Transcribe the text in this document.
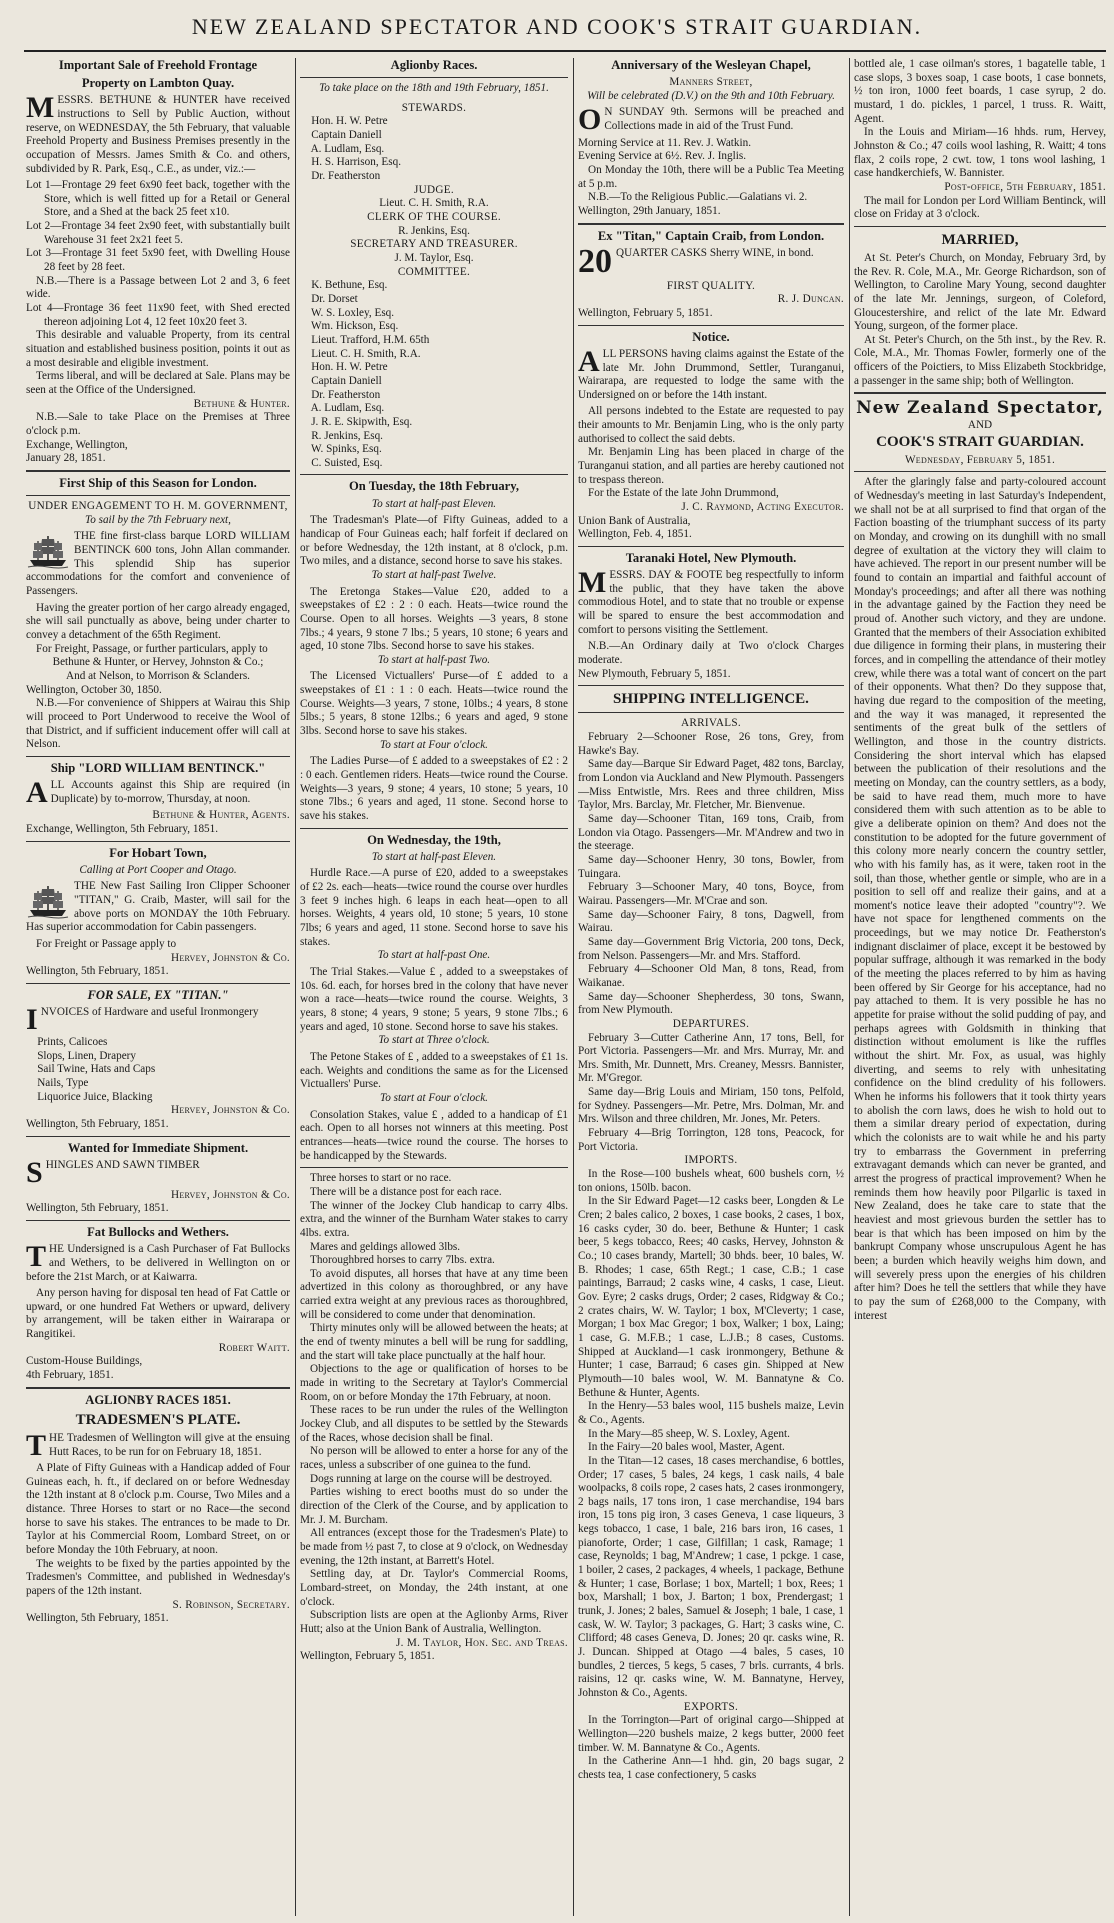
NEW ZEALAND SPECTATOR AND COOK'S STRAIT GUARDIAN.
Important Sale of Freehold Frontage
Property on Lambton Quay.
MESSRS. BETHUNE & HUNTER have received instructions to Sell by Public Auction, without reserve, on WEDNESDAY, the 5th February, that valuable Freehold Property and Business Premises presently in the occupation of Messrs. James Smith & Co. and others, subdivided by R. Park, Esq., C.E., as under, viz.:—
Lot 1—Frontage 29 feet 6x90 feet back, together with the Store, which is well fitted up for a Retail or General Store, and a Shed at the back 25 feet x10.
Lot 2—Frontage 34 feet 2x90 feet, with substantially built Warehouse 31 feet 2x21 feet 5.
Lot 3—Frontage 31 feet 5x90 feet, with Dwelling House 28 feet by 28 feet.
N.B.—There is a Passage between Lot 2 and 3, 6 feet wide.
Lot 4—Frontage 36 feet 11x90 feet, with Shed erected thereon adjoining Lot 4, 12 feet 10x20 feet 3.
This desirable and valuable Property, from its central situation and established business position, points it out as a most desirable and eligible investment.
Terms liberal, and will be declared at Sale. Plans may be seen at the Office of the Undersigned.
Bethune & Hunter.
N.B.—Sale to take Place on the Premises at Three o'clock p.m.
Exchange, Wellington,
January 28, 1851.
First Ship of this Season for London.
UNDER ENGAGEMENT TO H. M. GOVERNMENT,
To sail by the 7th February next,
THE fine first-class barque LORD WILLIAM BENTINCK 600 tons, John Allan commander. This splendid Ship has superior accommodations for the comfort and convenience of Passengers.
Having the greater portion of her cargo already engaged, she will sail punctually as above, being under charter to convey a detachment of the 65th Regiment.
For Freight, Passage, or further particulars, apply to
Bethune & Hunter, or Hervey, Johnston & Co.;
And at Nelson, to Morrison & Sclanders.
Wellington, October 30, 1850.
N.B.—For convenience of Shippers at Wairau this Ship will proceed to Port Underwood to receive the Wool of that District, and if sufficient inducement offer will call at Nelson.
Ship "LORD WILLIAM BENTINCK."
ALL Accounts against this Ship are required (in Duplicate) by to-morrow, Thursday, at noon.
Bethune & Hunter, Agents.
Exchange, Wellington, 5th February, 1851.
For Hobart Town,
Calling at Port Cooper and Otago.
THE New Fast Sailing Iron Clipper Schooner "TITAN," G. Craib, Master, will sail for the above ports on MONDAY the 10th February. Has superior accommodation for Cabin passengers.
For Freight or Passage apply to
Hervey, Johnston & Co.
Wellington, 5th February, 1851.
FOR SALE, EX "TITAN."
INVOICES of Hardware and useful Ironmongery
Prints, Calicoes
Slops, Linen, Drapery
Sail Twine, Hats and Caps
Nails, Type
Liquorice Juice, Blacking
Hervey, Johnston & Co.
Wellington, 5th February, 1851.
Wanted for Immediate Shipment.
SHINGLES AND SAWN TIMBER
Hervey, Johnston & Co.
Wellington, 5th February, 1851.
Fat Bullocks and Wethers.
THE Undersigned is a Cash Purchaser of Fat Bullocks and Wethers, to be delivered in Wellington on or before the 21st March, or at Kaiwarra.
Any person having for disposal ten head of Fat Cattle or upward, or one hundred Fat Wethers or upward, delivery by arrangement, will be taken either in Wairarapa or Rangitikei.
Robert Waitt.
Custom-House Buildings,
4th February, 1851.
AGLIONBY RACES 1851.
TRADESMEN'S PLATE.
THE Tradesmen of Wellington will give at the ensuing Hutt Races, to be run for on February 18, 1851.
A Plate of Fifty Guineas with a Handicap added of Four Guineas each, h. ft., if declared on or before Wednesday the 12th instant at 8 o'clock p.m. Course, Two Miles and a distance. Three Horses to start or no Race—the second horse to save his stakes. The entrances to be made to Dr. Taylor at his Commercial Room, Lombard Street, on or before Monday the 10th February, at noon.
The weights to be fixed by the parties appointed by the Tradesmen's Committee, and published in Wednesday's papers of the 12th instant.
S. Robinson, Secretary.
Wellington, 5th February, 1851.
Aglionby Races.
To take place on the 18th and 19th February, 1851.
STEWARDS.
Hon. H. W. Petre
Captain Daniell
A. Ludlam, Esq.
H. S. Harrison, Esq.
Dr. Featherston
JUDGE.
Lieut. C. H. Smith, R.A.
CLERK OF THE COURSE.
R. Jenkins, Esq.
SECRETARY AND TREASURER.
J. M. Taylor, Esq.
COMMITTEE.
K. Bethune, Esq.
Dr. Dorset
W. S. Loxley, Esq.
Wm. Hickson, Esq.
Lieut. Trafford, H.M. 65th
Lieut. C. H. Smith, R.A.
Hon. H. W. Petre
Captain Daniell
Dr. Featherston
A. Ludlam, Esq.
J. R. E. Skipwith, Esq.
R. Jenkins, Esq.
W. Spinks, Esq.
C. Suisted, Esq.
On Tuesday, the 18th February,
To start at half-past Eleven.
The Tradesman's Plate—of Fifty Guineas, added to a handicap of Four Guineas each; half forfeit if declared on or before Wednesday, the 12th instant, at 8 o'clock, p.m. Two miles, and a distance, second horse to save his stakes.
To start at half-past Twelve.
The Eretonga Stakes—Value £20, added to a sweepstakes of £2 : 2 : 0 each. Heats—twice round the Course. Open to all horses. Weights —3 years, 8 stone 7lbs.; 4 years, 9 stone 7 lbs.; 5 years, 10 stone; 6 years and aged, 10 stone 7lbs. Second horse to save his stakes.
To start at half-past Two.
The Licensed Victuallers' Purse—of £ added to a sweepstakes of £1 : 1 : 0 each. Heats—twice round the Course. Weights—3 years, 7 stone, 10lbs.; 4 years, 8 stone 5lbs.; 5 years, 8 stone 12lbs.; 6 years and aged, 9 stone 3lbs. Second horse to save his stakes.
To start at Four o'clock.
The Ladies Purse—of £ added to a sweepstakes of £2 : 2 : 0 each. Gentlemen riders. Heats—twice round the Course. Weights—3 years, 9 stone; 4 years, 10 stone; 5 years, 10 stone 7lbs.; 6 years and aged, 11 stone. Second horse to save his stakes.
On Wednesday, the 19th,
To start at half-past Eleven.
Hurdle Race.—A purse of £20, added to a sweepstakes of £2 2s. each—heats—twice round the course over hurdles 3 feet 9 inches high. 6 leaps in each heat—open to all horses. Weights, 4 years old, 10 stone; 5 years, 10 stone 7lbs; 6 years and aged, 11 stone. Second horse to save his stakes.
To start at half-past One.
The Trial Stakes.—Value £ , added to a sweepstakes of 10s. 6d. each, for horses bred in the colony that have never won a race—heats—twice round the course. Weights, 3 years, 8 stone; 4 years, 9 stone; 5 years, 9 stone 7lbs.; 6 years and aged, 10 stone. Second horse to save his stakes.
To start at Three o'clock.
The Petone Stakes of £ , added to a sweepstakes of £1 1s. each. Weights and conditions the same as for the Licensed Victuallers' Purse.
To start at Four o'clock.
Consolation Stakes, value £ , added to a handicap of £1 each. Open to all horses not winners at this meeting. Post entrances—heats—twice round the course. The horses to be handicapped by the Stewards.
Three horses to start or no race.
There will be a distance post for each race.
The winner of the Jockey Club handicap to carry 4lbs. extra, and the winner of the Burnham Water stakes to carry 4lbs. extra.
Mares and geldings allowed 3lbs.
Thoroughbred horses to carry 7lbs. extra.
To avoid disputes, all horses that have at any time been advertized in this colony as thoroughbred, or any have carried extra weight at any previous races as thoroughbred, will be considered to come under that denomination.
Thirty minutes only will be allowed between the heats; at the end of twenty minutes a bell will be rung for saddling, and the start will take place punctually at the half hour.
Objections to the age or qualification of horses to be made in writing to the Secretary at Taylor's Commercial Room, on or before Monday the 17th February, at noon.
These races to be run under the rules of the Wellington Jockey Club, and all disputes to be settled by the Stewards of the Races, whose decision shall be final.
No person will be allowed to enter a horse for any of the races, unless a subscriber of one guinea to the fund.
Dogs running at large on the course will be destroyed.
Parties wishing to erect booths must do so under the direction of the Clerk of the Course, and by application to Mr. J. M. Burcham.
All entrances (except those for the Tradesmen's Plate) to be made from ½ past 7, to close at 9 o'clock, on Wednesday evening, the 12th instant, at Barrett's Hotel.
Settling day, at Dr. Taylor's Commercial Rooms, Lombard-street, on Monday, the 24th instant, at one o'clock.
Subscription lists are open at the Aglionby Arms, River Hutt; also at the Union Bank of Australia, Wellington.
J. M. Taylor, Hon. Sec. and Treas.
Wellington, February 5, 1851.
Anniversary of the Wesleyan Chapel,
Manners Street,
Will be celebrated (D.V.) on the 9th and 10th February.
O N SUNDAY 9th. Sermons will be preached and Collections made in aid of the Trust Fund.
Morning Service at 11. Rev. J. Watkin.
Evening Service at 6½. Rev. J. Inglis.
On Monday the 10th, there will be a Public Tea Meeting at 5 p.m.
N.B.—To the Religious Public.—Galatians vi. 2.
Wellington, 29th January, 1851.
Ex "Titan," Captain Craib, from London.
20 QUARTER CASKS Sherry WINE, in bond.
FIRST QUALITY.
R. J. Duncan.
Wellington, February 5, 1851.
Notice.
ALL PERSONS having claims against the Estate of the late Mr. John Drummond, Settler, Turanganui, Wairarapa, are requested to lodge the same with the Undersigned on or before the 14th instant.
All persons indebted to the Estate are requested to pay their amounts to Mr. Benjamin Ling, who is the only party authorised to collect the said debts.
Mr. Benjamin Ling has been placed in charge of the Turanganui station, and all parties are hereby cautioned not to trespass thereon.
For the Estate of the late John Drummond,
J. C. Raymond, Acting Executor.
Union Bank of Australia,
Wellington, Feb. 4, 1851.
Taranaki Hotel, New Plymouth.
MESSRS. DAY & FOOTE beg respectfully to inform the public, that they have taken the above commodious Hotel, and to state that no trouble or expense will be spared to ensure the best accommodation and comfort to persons visiting the Settlement.
N.B.—An Ordinary daily at Two o'clock Charges moderate.
New Plymouth, February 5, 1851.
SHIPPING INTELLIGENCE.
ARRIVALS.
February 2—Schooner Rose, 26 tons, Grey, from Hawke's Bay.
Same day—Barque Sir Edward Paget, 482 tons, Barclay, from London via Auckland and New Plymouth. Passengers—Miss Entwistle, Mrs. Rees and three children, Miss Taylor, Mrs. Barclay, Mr. Fletcher, Mr. Bienvenue.
Same day—Schooner Titan, 169 tons, Craib, from London via Otago. Passengers—Mr. M'Andrew and two in the steerage.
Same day—Schooner Henry, 30 tons, Bowler, from Tuingara.
February 3—Schooner Mary, 40 tons, Boyce, from Wairau. Passengers—Mr. M'Crae and son.
Same day—Schooner Fairy, 8 tons, Dagwell, from Wairau.
Same day—Government Brig Victoria, 200 tons, Deck, from Nelson. Passengers—Mr. and Mrs. Stafford.
February 4—Schooner Old Man, 8 tons, Read, from Waikanae.
Same day—Schooner Shepherdess, 30 tons, Swann, from New Plymouth.
DEPARTURES.
February 3—Cutter Catherine Ann, 17 tons, Bell, for Port Victoria. Passengers—Mr. and Mrs. Murray, Mr. and Mrs. Smith, Mr. Dunnett, Mrs. Creaney, Messrs. Bannister, Mr. M'Gregor.
Same day—Brig Louis and Miriam, 150 tons, Pelfold, for Sydney. Passengers—Mr. Petre, Mrs. Dolman, Mr. and Mrs. Wilson and three children, Mr. Jones, Mr. Peters.
February 4—Brig Torrington, 128 tons, Peacock, for Port Victoria.
IMPORTS.
In the Rose—100 bushels wheat, 600 bushels corn, ½ ton onions, 150lb. bacon.
In the Sir Edward Paget—12 casks beer, Longden & Le Cren; 2 bales calico, 2 boxes, 1 case books, 2 cases, 1 box, 16 casks cyder, 30 do. beer, Bethune & Hunter; 1 cask beer, 5 kegs tobacco, Rees; 40 casks, Hervey, Johnston & Co.; 10 cases brandy, Martell; 30 bhds. beer, 10 bales, W. B. Rhodes; 1 case, 65th Regt.; 1 case, C.B.; 1 case paintings, Barraud; 2 casks wine, 4 casks, 1 case, Lieut. Gov. Eyre; 2 casks drugs, Order; 2 cases, Ridgway & Co.; 2 crates chairs, W. W. Taylor; 1 box, M'Cleverty; 1 case, Morgan; 1 box Mac Gregor; 1 box, Walker; 1 box, Laing; 1 case, G. M.F.B.; 1 case, L.J.B.; 8 cases, Customs. Shipped at Auckland—1 cask ironmongery, Bethune & Hunter; 1 case, Barraud; 6 cases gin. Shipped at New Plymouth—10 bales wool, W. M. Bannatyne & Co. Bethune & Hunter, Agents.
In the Henry—53 bales wool, 115 bushels maize, Levin & Co., Agents.
In the Mary—85 sheep, W. S. Loxley, Agent.
In the Fairy—20 bales wool, Master, Agent.
In the Titan—12 cases, 18 cases merchandise, 6 bottles, Order; 17 cases, 5 bales, 24 kegs, 1 cask nails, 4 bale woolpacks, 8 coils rope, 2 cases hats, 2 cases ironmongery, 2 bags nails, 17 tons iron, 1 case merchandise, 194 bars iron, 15 tons pig iron, 3 cases Geneva, 1 case liqueurs, 3 kegs tobacco, 1 case, 1 bale, 216 bars iron, 16 cases, 1 pianoforte, Order; 1 case, Gilfillan; 1 cask, Ramage; 1 case, Reynolds; 1 bag, M'Andrew; 1 case, 1 pckge. 1 case, 1 boiler, 2 cases, 2 packages, 4 wheels, 1 package, Bethune & Hunter; 1 case, Borlase; 1 box, Martell; 1 box, Rees; 1 box, Marshall; 1 box, J. Barton; 1 box, Prendergast; 1 trunk, J. Jones; 2 bales, Samuel & Joseph; 1 bale, 1 case, 1 cask, W. W. Taylor; 3 packages, G. Hart; 3 casks wine, C. Clifford; 48 cases Geneva, D. Jones; 20 qr. casks wine, R. J. Duncan. Shipped at Otago —4 bales, 5 cases, 10 bundles, 2 tierces, 5 kegs, 5 cases, 7 brls. currants, 4 brls. raisins, 12 qr. casks wine, W. M. Bannatyne, Hervey, Johnston & Co., Agents.
EXPORTS.
In the Torrington—Part of original cargo—Shipped at Wellington—220 bushels maize, 2 kegs butter, 2000 feet timber. W. M. Bannatyne & Co., Agents.
In the Catherine Ann—1 hhd. gin, 20 bags sugar, 2 chests tea, 1 case confectionery, 5 casks
bottled ale, 1 case oilman's stores, 1 bagatelle table, 1 case slops, 3 boxes soap, 1 case boots, 1 case bonnets, ½ ton iron, 1000 feet boards, 1 case syrup, 2 do. mustard, 1 do. pickles, 1 parcel, 1 truss. R. Waitt, Agent.
In the Louis and Miriam—16 hhds. rum, Hervey, Johnston & Co.; 47 coils wool lashing, R. Waitt; 4 tons flax, 2 coils rope, 2 cwt. tow, 1 tons wool lashing, 1 case handkerchiefs, W. Bannister.
Post-office, 5th February, 1851.
The mail for London per Lord William Bentinck, will close on Friday at 3 o'clock.
MARRIED,
At St. Peter's Church, on Monday, February 3rd, by the Rev. R. Cole, M.A., Mr. George Richardson, son of Wellington, to Caroline Mary Young, second daughter of the late Mr. Jennings, surgeon, of Coleford, Gloucestershire, and relict of the late Mr. Edward Young, surgeon, of the former place.
At St. Peter's Church, on the 5th inst., by the Rev. R. Cole, M.A., Mr. Thomas Fowler, formerly one of the officers of the Poictiers, to Miss Elizabeth Stockbridge, a passenger in the same ship; both of Wellington.
New Zealand Spectator,
AND
COOK'S STRAIT GUARDIAN.
Wednesday, February 5, 1851.
After the glaringly false and party-coloured account of Wednesday's meeting in last Saturday's Independent, we shall not be at all surprised to find that organ of the Faction boasting of the triumphant success of its party on Monday, and crowing on its dunghill with no small degree of exultation at the victory they will claim to have achieved. The report in our present number will be found to contain an impartial and faithful account of Monday's proceedings; and after all there was nothing in the advantage gained by the Faction they need be proud of. Another such victory, and they are undone. Granted that the members of their Association exhibited due diligence in forming their plans, in mustering their forces, and in compelling the attendance of their motley crew, while there was a total want of concert on the part of their opponents. What then? Do they suppose that, having due regard to the composition of the meeting, and the way it was managed, it represented the sentiments of the great bulk of the settlers of Wellington, and those in the country districts. Considering the short interval which has elapsed between the publication of their resolutions and the meeting on Monday, can the country settlers, as a body, be said to have read them, much more to have considered them with such attention as to be able to give a deliberate opinion on them? And does not the constitution to be adopted for the future government of this colony more nearly concern the country settler, who with his family has, as it were, taken root in the soil, than those, whether gentle or simple, who are in a position to sell off and realize their gains, and at a moment's notice leave their adopted "country"?. We have not space for lengthened comments on the proceedings, but we may notice Dr. Featherston's indignant disclaimer of place, except it be bestowed by popular suffrage, although it was remarked in the body of the meeting the places referred to by him as having been offered by Sir George for his acceptance, had no pay attached to them. It is very possible he has no appetite for praise without the solid pudding of pay, and perhaps agrees with Goldsmith in thinking that distinction without emolument is like the ruffles without the shirt. Mr. Fox, as usual, was highly diverting, and seems to rely with unhesitating confidence on the blind credulity of his followers. When he informs his followers that it took thirty years to abolish the corn laws, does he wish to hold out to them a similar dreary period of expectation, during which the colonists are to wait while he and his party try to embarrass the Government in preferring extravagant demands which can never be granted, and arrest the progress of practical improvement? When he reminds them how heavily poor Pilgarlic is taxed in New Zealand, does he take care to state that the heaviest and most grievous burden the settler has to bear is that which has been imposed on him by the bankrupt Company whose unscrupulous Agent he has been; a burden which heavily weighs him down, and will severely press upon the energies of his children after him? Does he tell the settlers that while they have to pay the sum of £268,000 to the Company, with interest
